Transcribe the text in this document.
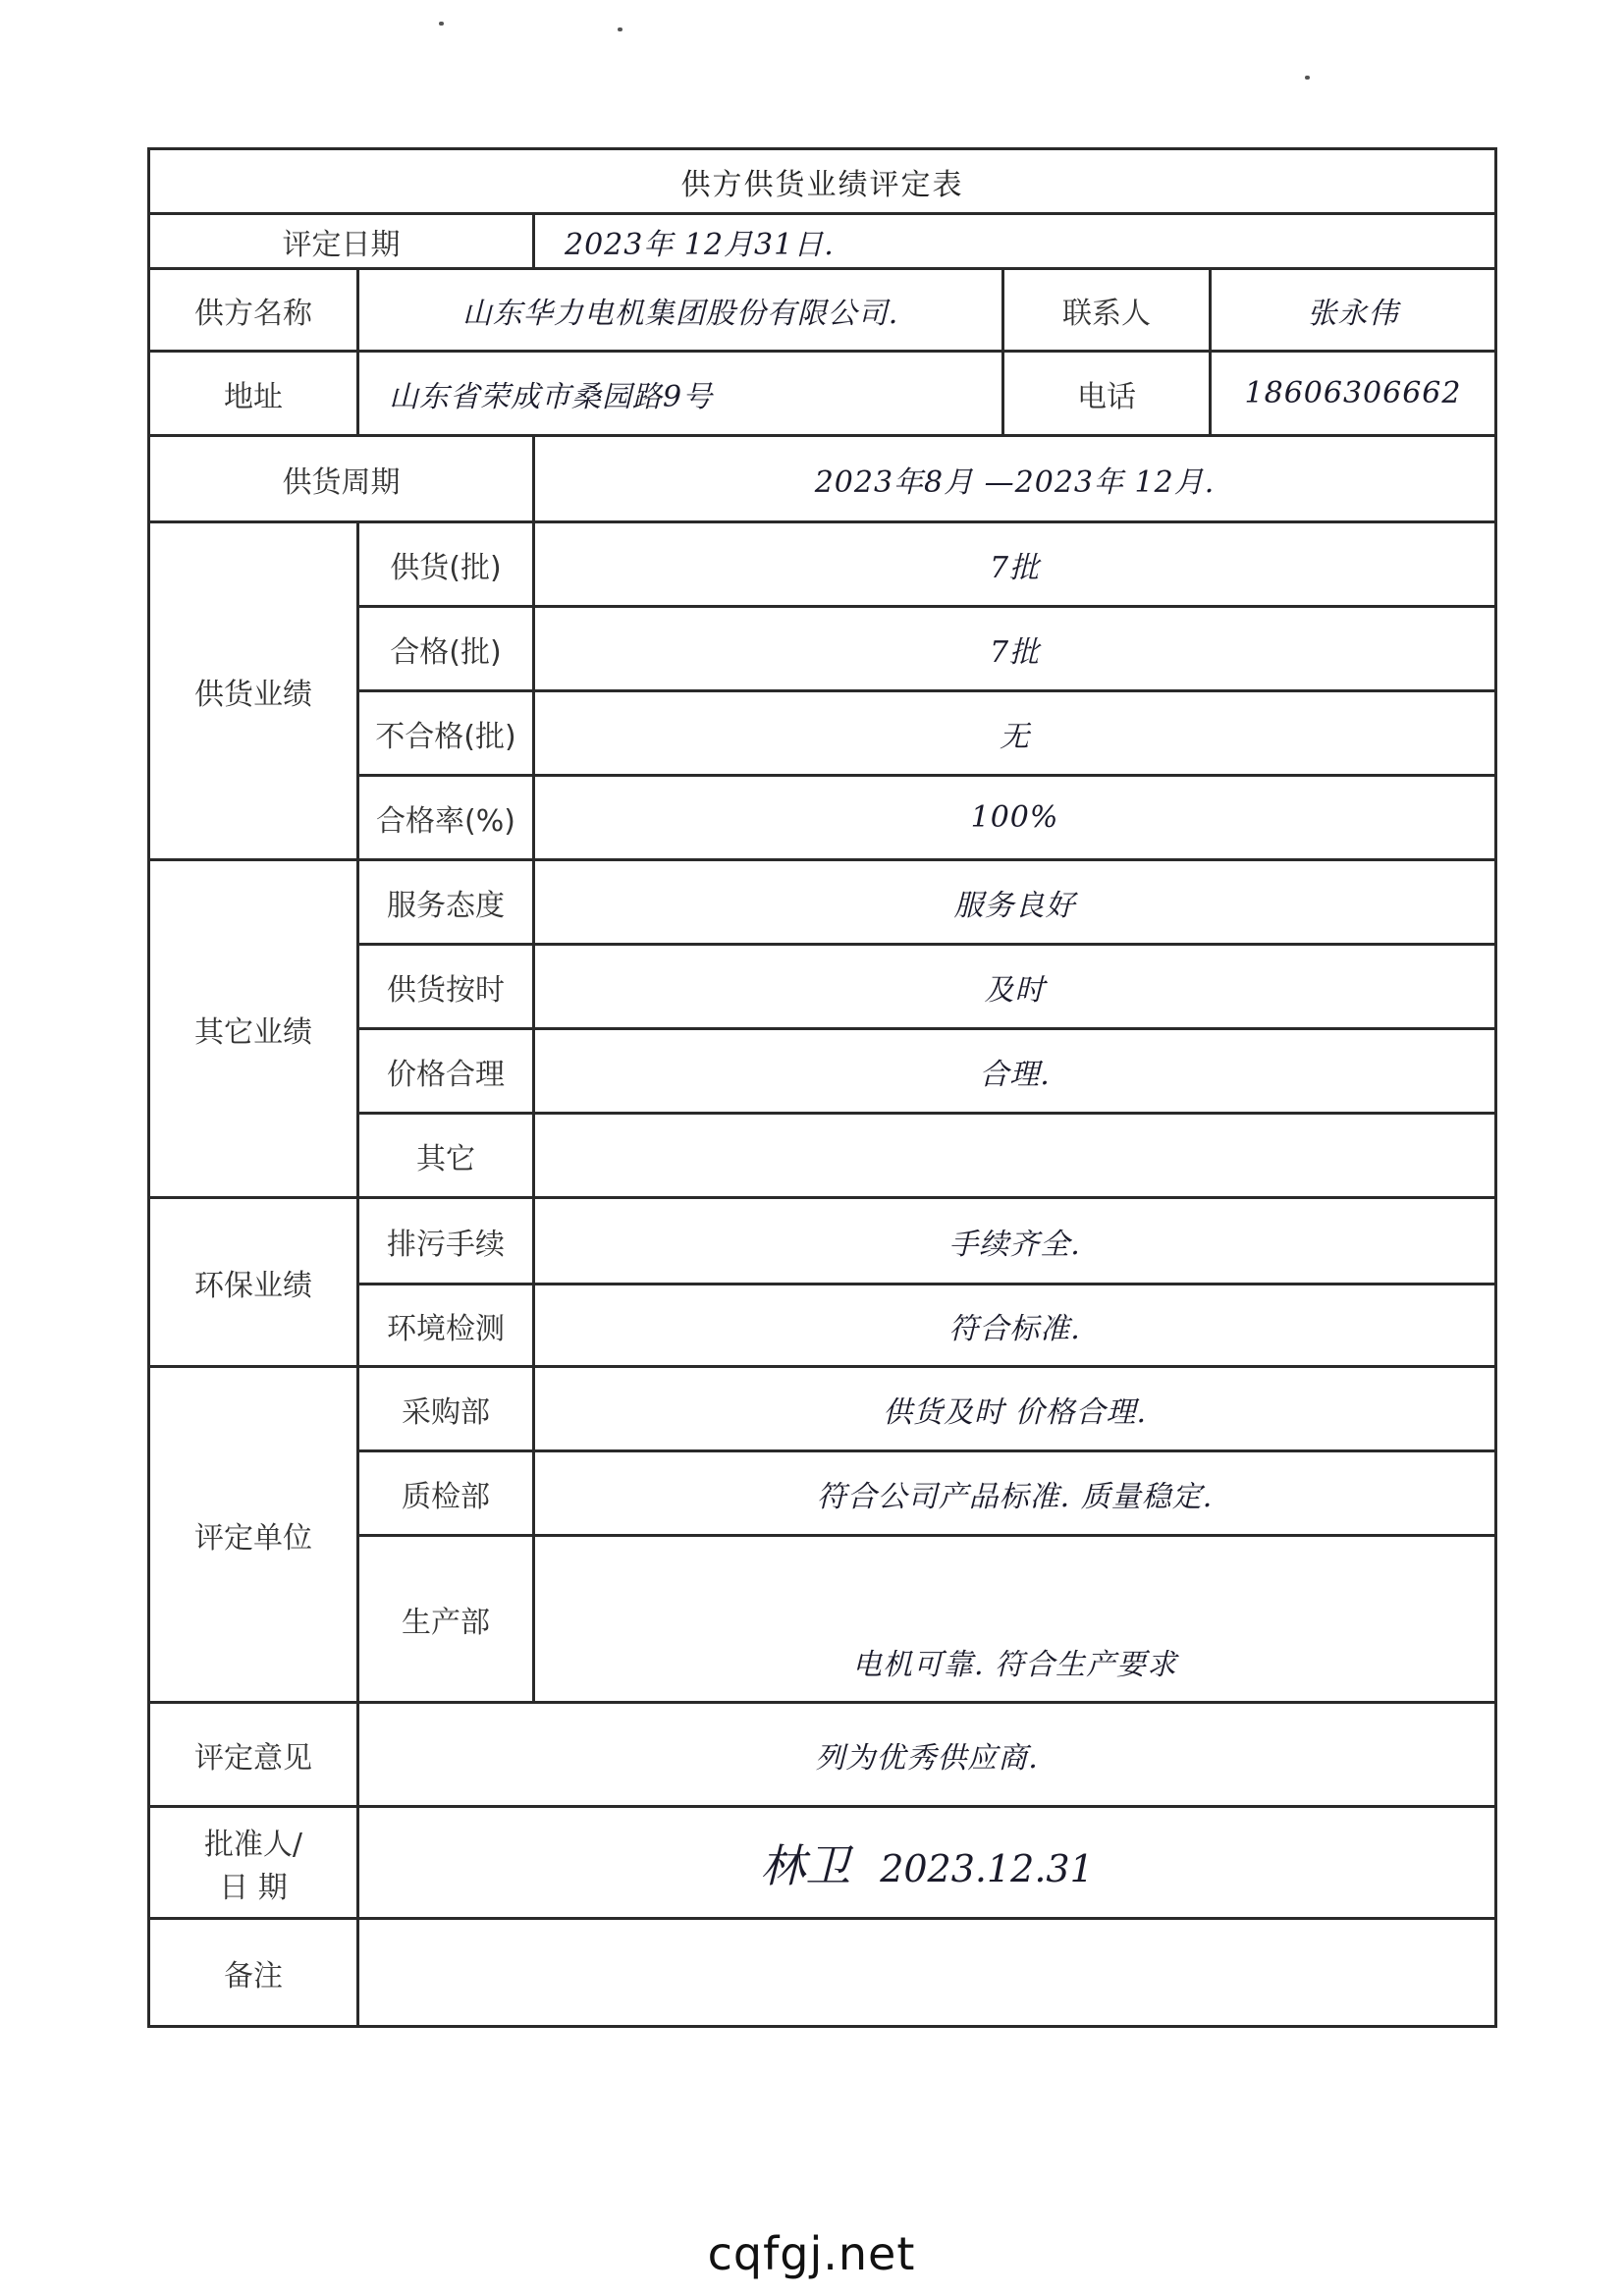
供方供货业绩评定表				
评定日期		2023年 12月31日.		
供方名称	山东华力电机集团股份有限公司.		联系人	张永伟
地址	山东省荣成市桑园路9号		电话	18606306662
供货周期		2023年8月 —2023年 12月.		
供货业绩	供货(批)	7批		
	合格(批)	7批		
	不合格(批)	无		
	合格率(%)	100%		
其它业绩	服务态度	服务良好		
	供货按时	及时		
	价格合理	合理.		
	其它			
环保业绩	排污手续	手续齐全.		
	环境检测	符合标准.		
评定单位	采购部	供货及时 价格合理.		
	质检部	符合公司产品标准. 质量稳定.		
	生产部	电机可靠. 符合生产要求		
评定意见	列为优秀供应商.			

批准人/
日 期	林卫 2023.12.31			
备注				
cqfgj.net
